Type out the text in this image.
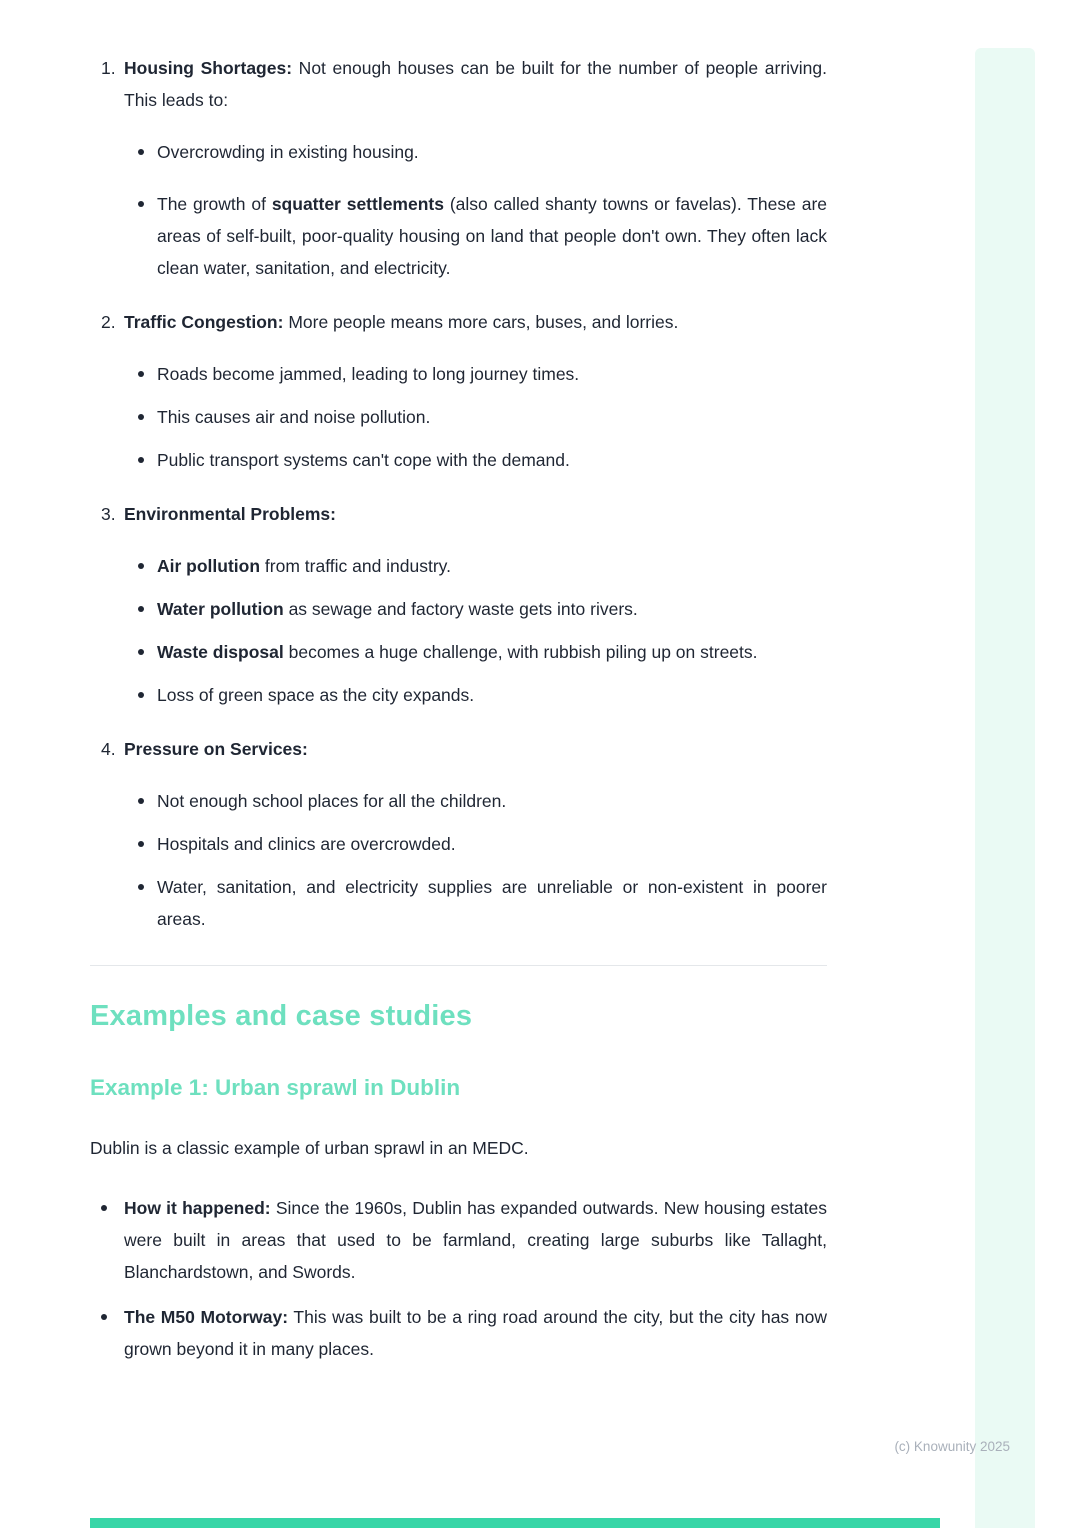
1. Housing Shortages: Not enough houses can be built for the number of people arriving. This leads to:

Overcrowding in existing housing.
The growth of squatter settlements (also called shanty towns or favelas). These are areas of self-built, poor-quality housing on land that people don't own. They often lack clean water, sanitation, and electricity.
2. Traffic Congestion: More people means more cars, buses, and lorries.

Roads become jammed, leading to long journey times.
This causes air and noise pollution.
Public transport systems can't cope with the demand.
3. Environmental Problems:

Air pollution from traffic and industry.
Water pollution as sewage and factory waste gets into rivers.
Waste disposal becomes a huge challenge, with rubbish piling up on streets.
Loss of green space as the city expands.
4. Pressure on Services:

Not enough school places for all the children.
Hospitals and clinics are overcrowded.
Water, sanitation, and electricity supplies are unreliable or non-existent in poorer areas.
Examples and case studies
Example 1: Urban sprawl in Dublin

Dublin is a classic example of urban sprawl in an MEDC.

How it happened: Since the 1960s, Dublin has expanded outwards. New housing estates were built in areas that used to be farmland, creating large suburbs like Tallaght, Blanchardstown, and Swords.
The M50 Motorway: This was built to be a ring road around the city, but the city has now grown beyond it in many places.
(c) Knowunity 2025
